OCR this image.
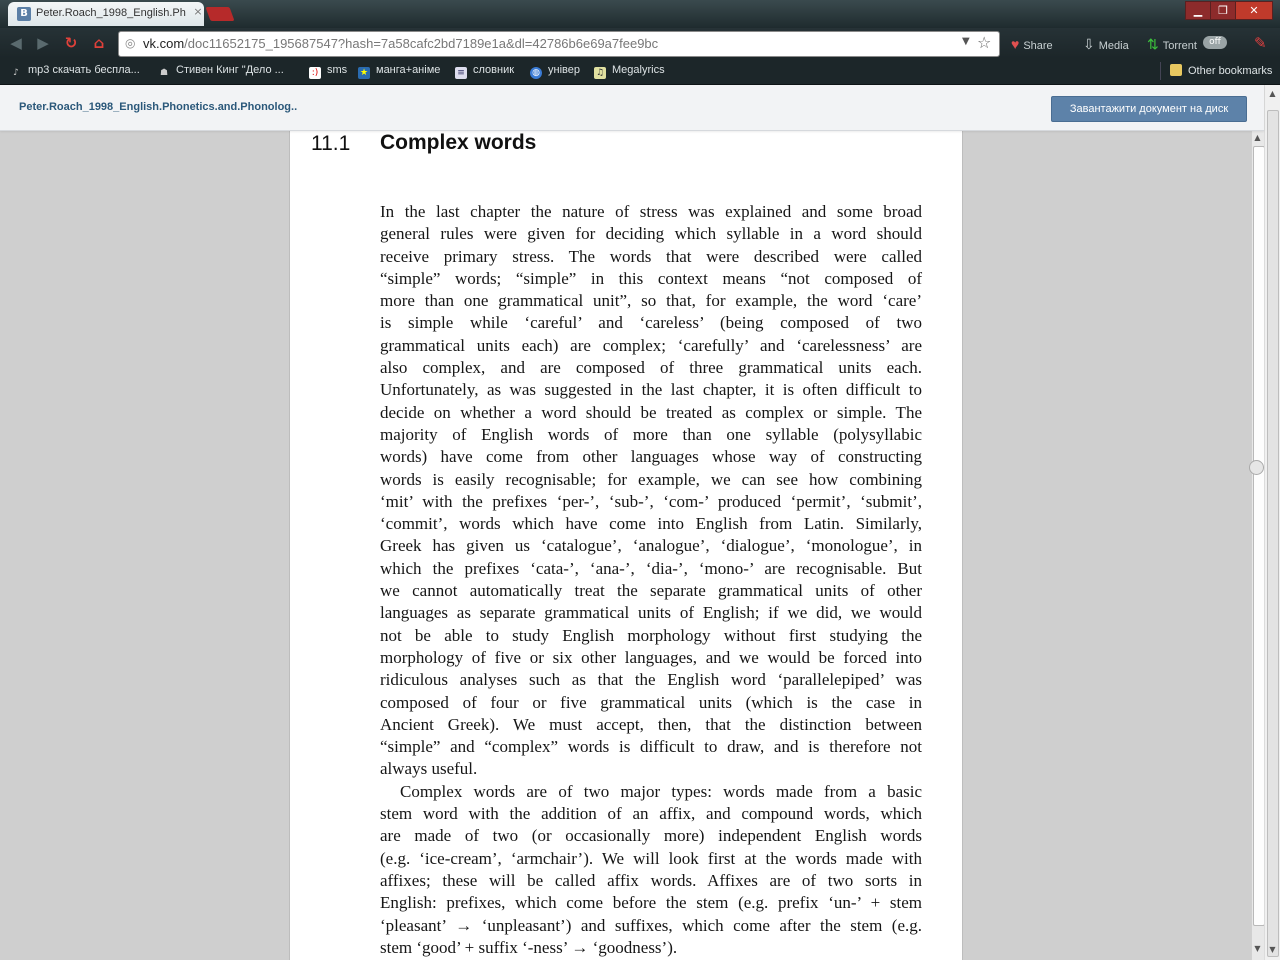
B Peter.Roach_1998_English.Ph ×	▁	❐	✕
◀ ▶ ↻ ⌂	◎ vk.com/doc11652175_195687547?hash=7a58cafc2bd7189e1a&dl=42786b6e69a7fee9bc	▼ ☆ ♥ Share ⇩ Media ⇅ Torrent	off	✎
♪ mp3 скачать беспла... ☗ Стивен Кинг "Дело ...	:) sms ★ манга+аніме ≡ словник ◍ універ ♫ Megalyrics	Other bookmarks
Peter.Roach_1998_English.Phonetics.and.Phonolog..	Завантажити документ на диск
11.1 Complex words
In the last chapter the nature of stress was explained and some broad
general rules were given for deciding which syllable in a word should
receive primary stress. The words that were described were called
“simple” words; “simple” in this context means “not composed of
more than one grammatical unit”, so that, for example, the word ‘care’
is simple while ‘careful’ and ‘careless’ (being composed of two
grammatical units each) are complex; ‘carefully’ and ‘carelessness’ are
also complex, and are composed of three grammatical units each.
Unfortunately, as was suggested in the last chapter, it is often difficult to
decide on whether a word should be treated as complex or simple. The
majority of English words of more than one syllable (polysyllabic
words) have come from other languages whose way of constructing
words is easily recognisable; for example, we can see how combining
‘mit’ with the prefixes ‘per-’, ‘sub-’, ‘com-’ produced ‘permit’, ‘submit’,
‘commit’, words which have come into English from Latin. Similarly,
Greek has given us ‘catalogue’, ‘analogue’, ‘dialogue’, ‘monologue’, in
which the prefixes ‘cata-’, ‘ana-’, ‘dia-’, ‘mono-’ are recognisable. But
we cannot automatically treat the separate grammatical units of other
languages as separate grammatical units of English; if we did, we would
not be able to study English morphology without first studying the
morphology of five or six other languages, and we would be forced into
ridiculous analyses such as that the English word ‘parallelepiped’ was
composed of four or five grammatical units (which is the case in
Ancient Greek). We must accept, then, that the distinction between
“simple” and “complex” words is difficult to draw, and is therefore not
always useful.
Complex words are of two major types: words made from a basic
stem word with the addition of an affix, and compound words, which
are made of two (or occasionally more) independent English words
(e.g. ‘ice-cream’, ‘armchair’). We will look first at the words made with
affixes; these will be called affix words. Affixes are of two sorts in
English: prefixes, which come before the stem (e.g. prefix ‘un-’ + stem
‘pleasant’ → ‘unpleasant’) and suffixes, which come after the stem (e.g.
stem ‘good’ + suffix ‘-ness’ → ‘goodness’).
▲
▼
▲
▼
